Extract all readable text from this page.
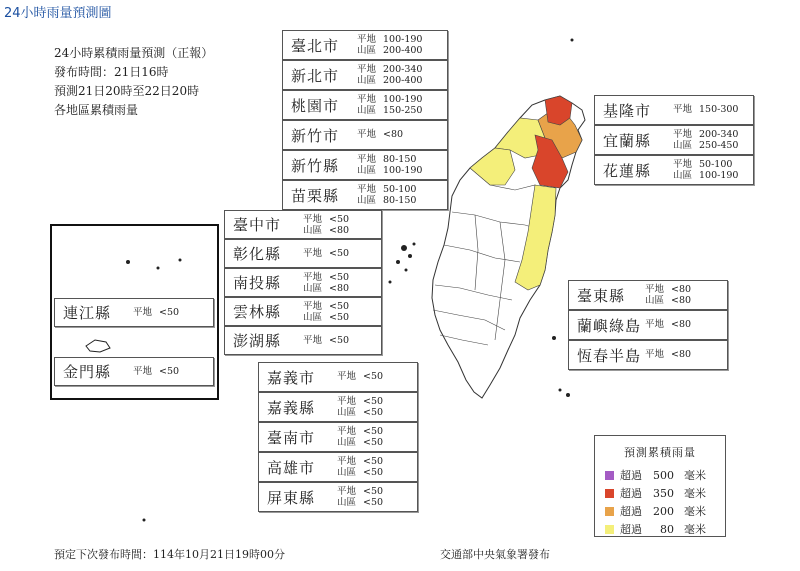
24小時雨量預測圖
24小時累積雨量預測（正報）
發布時間：21日16時
預測21日20時至22日20時
各地區累積雨量
臺北市 平地 100-190
山區 200-400
新北市 平地 200-340
山區 200-400
桃園市 平地 100-190
山區 150-250
新竹市 平地 <80
新竹縣 平地 80-150
山區 100-190
苗栗縣 平地 50-100
山區 80-150
臺中市 平地 <50
山區 <80
彰化縣 平地 <50
南投縣 平地 <50
山區 <80
雲林縣 平地 <50
山區 <50
澎湖縣 平地 <50
嘉義市 平地 <50
嘉義縣 平地 <50
山區 <50
臺南市 平地 <50
山區 <50
高雄市 平地 <50
山區 <50
屏東縣 平地 <50
山區 <50
基隆市 平地 150-300
宜蘭縣 平地 200-340
山區 250-450
花蓮縣 平地 50-100
山區 100-190
臺東縣 平地 <80
山區 <80
蘭嶼綠島 平地 <80
恆春半島 平地 <80
連江縣 平地 <50
金門縣 平地 <50
預測累積雨量
超過	500 毫米
超過	350 毫米
超過	200 毫米
超過	80 毫米
預定下次發布時間：114年10月21日19時00分	交通部中央氣象署發布
